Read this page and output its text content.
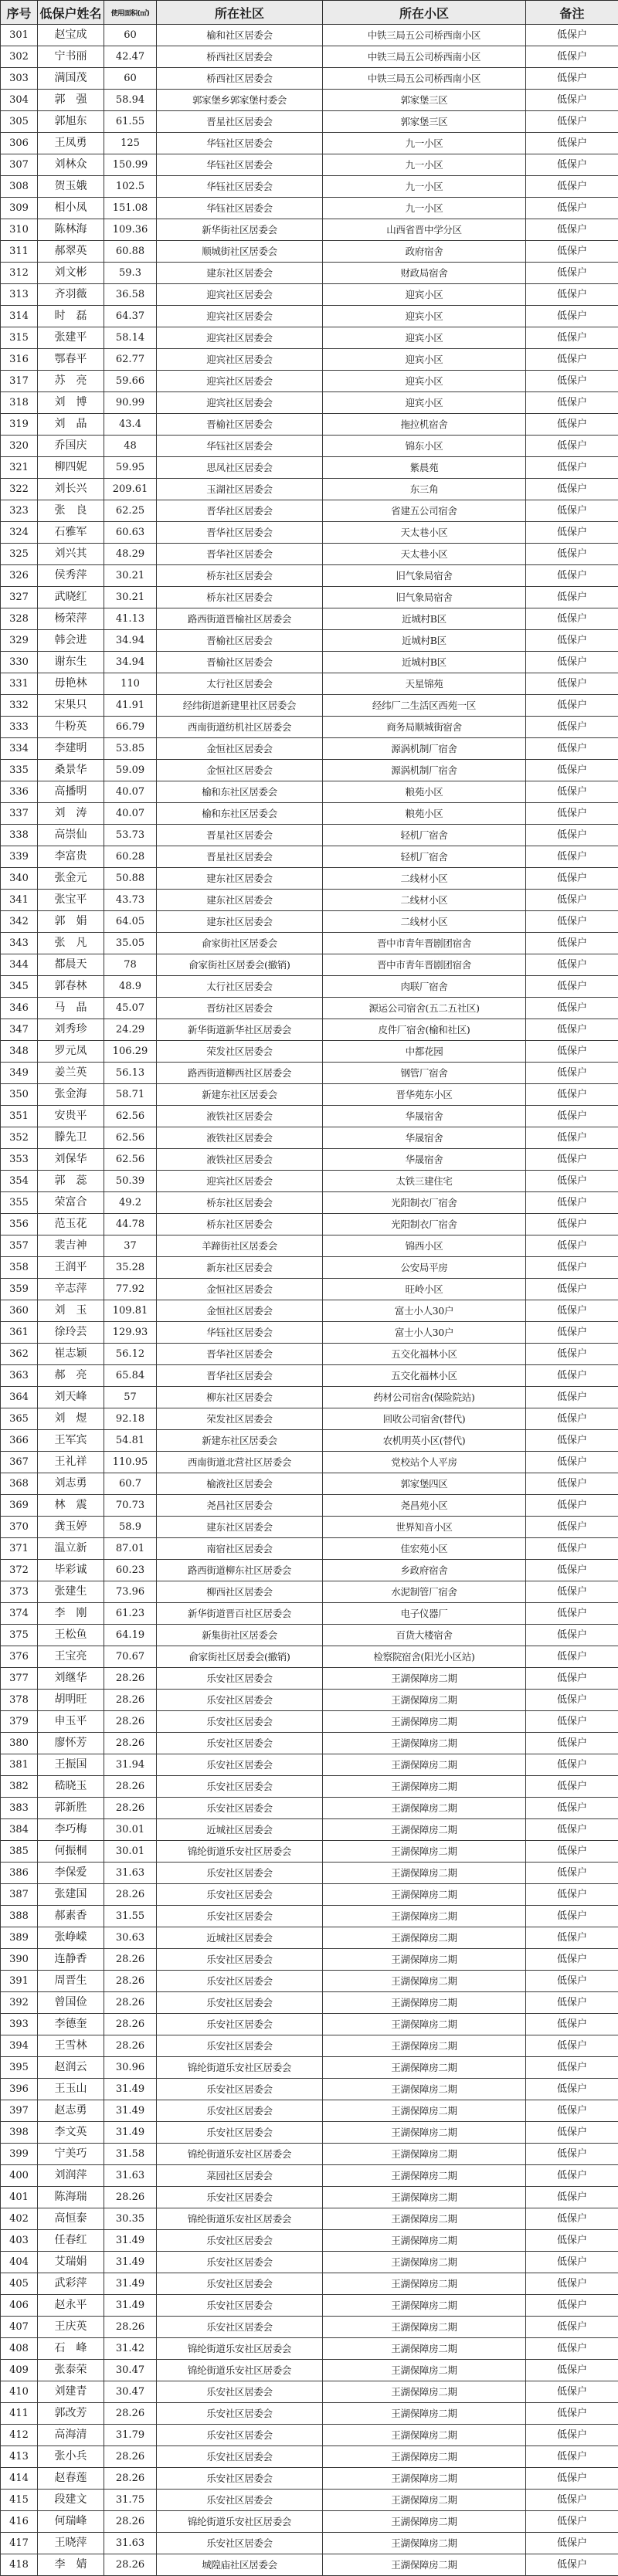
序号	低保户姓名	使用面积(㎡)	所在社区	所在小区	备注
301	赵宝成	60	榆和社区居委会	中铁三局五公司桥西南小区	低保户
302	宁书丽	42.47	桥西社区居委会	中铁三局五公司桥西南小区	低保户
303	满国茂	60	桥西社区居委会	中铁三局五公司桥西南小区	低保户
304	郭　强	58.94	郭家堡乡郭家堡村委会	郭家堡三区	低保户
305	郭旭东	61.55	晋星社区居委会	郭家堡三区	低保户
306	王凤勇	125	华钰社区居委会	九一小区	低保户
307	刘林众	150.99	华钰社区居委会	九一小区	低保户
308	贺玉娥	102.5	华钰社区居委会	九一小区	低保户
309	相小凤	151.08	华钰社区居委会	九一小区	低保户
310	陈林海	109.36	新华街社区居委会	山西省晋中学分区	低保户
311	郝翠英	60.88	顺城街社区居委会	政府宿舍	低保户
312	刘文彬	59.3	建东社区居委会	财政局宿舍	低保户
313	齐羽薇	36.58	迎宾社区居委会	迎宾小区	低保户
314	时　磊	64.37	迎宾社区居委会	迎宾小区	低保户
315	张建平	58.14	迎宾社区居委会	迎宾小区	低保户
316	鄂春平	62.77	迎宾社区居委会	迎宾小区	低保户
317	苏　亮	59.66	迎宾社区居委会	迎宾小区	低保户
318	刘　博	90.99	迎宾社区居委会	迎宾小区	低保户
319	刘　晶	43.4	晋榆社区居委会	拖拉机宿舍	低保户
320	乔国庆	48	华钰社区居委会	锦东小区	低保户
321	柳四妮	59.95	思凤社区居委会	紫晨苑	低保户
322	刘长兴	209.61	玉湖社区居委会	东三角	低保户
323	张　良	62.25	晋华社区居委会	省建五公司宿舍	低保户
324	石雅军	60.63	晋华社区居委会	天太巷小区	低保户
325	刘兴其	48.29	晋华社区居委会	天太巷小区	低保户
326	侯秀萍	30.21	桥东社区居委会	旧气象局宿舍	低保户
327	武晓红	30.21	桥东社区居委会	旧气象局宿舍	低保户
328	杨荣萍	41.13	路西街道晋榆社区居委会	近城村B区	低保户
329	韩会进	34.94	晋榆社区居委会	近城村B区	低保户
330	谢东生	34.94	晋榆社区居委会	近城村B区	低保户
331	毋艳林	110	太行社区居委会	天星锦苑	低保户
332	宋果只	41.91	经纬街道新建里社区居委会	经纬厂二生活区西苑一区	低保户
333	牛粉英	66.79	西南街道纺机社区居委会	商务局顺城街宿舍	低保户
334	李建明	53.85	金恒社区居委会	源涡机制厂宿舍	低保户
335	桑景华	59.09	金恒社区居委会	源涡机制厂宿舍	低保户
336	高播明	40.07	榆和东社区居委会	粮苑小区	低保户
337	刘　涛	40.07	榆和东社区居委会	粮苑小区	低保户
338	高崇仙	53.73	晋星社区居委会	轻机厂宿舍	低保户
339	李富贵	60.28	晋星社区居委会	轻机厂宿舍	低保户
340	张金元	50.88	建东社区居委会	二线材小区	低保户
341	张宝平	43.73	建东社区居委会	二线材小区	低保户
342	郭　娟	64.05	建东社区居委会	二线材小区	低保户
343	张　凡	35.05	俞家街社区居委会	晋中市青年晋剧团宿舍	低保户
344	都晨天	78	俞家街社区居委会(撤销)	晋中市青年晋剧团宿舍	低保户
345	郭春林	48.9	太行社区居委会	肉联厂宿舍	低保户
346	马　晶	45.07	晋纺社区居委会	源运公司宿舍(五二五社区)	低保户
347	刘秀珍	24.29	新华街道新华社区居委会	皮件厂宿舍(榆和社区)	低保户
348	罗元凤	106.29	荣发社区居委会	中都花园	低保户
349	姜兰英	56.13	路西街道柳西社区居委会	钢管厂宿舍	低保户
350	张金海	58.71	新建东社区居委会	晋华苑东小区	低保户
351	安贵平	62.56	液铁社区居委会	华晟宿舍	低保户
352	滕先卫	62.56	液铁社区居委会	华晟宿舍	低保户
353	刘保华	62.56	液铁社区居委会	华晟宿舍	低保户
354	郭　蕊	50.39	迎宾社区居委会	太铁三建住宅	低保户
355	荣富合	49.2	桥东社区居委会	光阳制衣厂宿舍	低保户
356	范玉花	44.78	桥东社区居委会	光阳制衣厂宿舍	低保户
357	裴吉神	37	羊蹄街社区居委会	锦西小区	低保户
358	王润平	35.28	新东社区居委会	公安局平房	低保户
359	辛志萍	77.92	金恒社区居委会	旺岭小区	低保户
360	刘　玉	109.81	金恒社区居委会	富士小人30户	低保户
361	徐玲芸	129.93	华钰社区居委会	富士小人30户	低保户
362	崔志颖	56.12	晋华社区居委会	五交化福林小区	低保户
363	郝　亮	65.84	晋华社区居委会	五交化福林小区	低保户
364	刘天峰	57	柳东社区居委会	药材公司宿舍(保险院站)	低保户
365	刘　煜	92.18	荣发社区居委会	回收公司宿舍(替代)	低保户
366	王军宾	54.81	新建东社区居委会	农机明英小区(替代)	低保户
367	王礼祥	110.95	西南街道北营社区居委会	党校站个人平房	低保户
368	刘志勇	60.7	榆液社区居委会	郭家堡四区	低保户
369	林　震	70.73	尧昌社区居委会	尧昌苑小区	低保户
370	龚玉婷	58.9	建东社区居委会	世界知音小区	低保户
371	温立新	87.01	南宿社区居委会	佳宏苑小区	低保户
372	毕彩诚	60.23	路西街道柳东社区居委会	乡政府宿舍	低保户
373	张建生	73.96	柳西社区居委会	水泥制管厂宿舍	低保户
374	李　刚	61.23	新华街道晋百社区居委会	电子仪器厂	低保户
375	王松鱼	64.19	新集街社区居委会	百货大楼宿舍	低保户
376	王宝亮	70.67	俞家街社区居委会(撤销)	检察院宿舍(阳光小区站)	低保户
377	刘继华	28.26	乐安社区居委会	王湖保障房二期	低保户
378	胡明旺	28.26	乐安社区居委会	王湖保障房二期	低保户
379	申玉平	28.26	乐安社区居委会	王湖保障房二期	低保户
380	廖怀芳	28.26	乐安社区居委会	王湖保障房二期	低保户
381	王振国	31.94	乐安社区居委会	王湖保障房二期	低保户
382	嵇晓玉	28.26	乐安社区居委会	王湖保障房二期	低保户
383	郭新胜	28.26	乐安社区居委会	王湖保障房二期	低保户
384	李巧梅	30.01	近城社区居委会	王湖保障房二期	低保户
385	何振桐	30.01	锦纶街道乐安社区居委会	王湖保障房二期	低保户
386	李保爱	31.63	乐安社区居委会	王湖保障房二期	低保户
387	张建国	28.26	乐安社区居委会	王湖保障房二期	低保户
388	郝素香	31.55	乐安社区居委会	王湖保障房二期	低保户
389	张峥嵘	30.63	近城社区居委会	王湖保障房二期	低保户
390	连静香	28.26	乐安社区居委会	王湖保障房二期	低保户
391	周晋生	28.26	乐安社区居委会	王湖保障房二期	低保户
392	曾国俭	28.26	乐安社区居委会	王湖保障房二期	低保户
393	李德奎	28.26	乐安社区居委会	王湖保障房二期	低保户
394	王雪林	28.26	乐安社区居委会	王湖保障房二期	低保户
395	赵润云	30.96	锦纶街道乐安社区居委会	王湖保障房二期	低保户
396	王玉山	31.49	乐安社区居委会	王湖保障房二期	低保户
397	赵志勇	31.49	乐安社区居委会	王湖保障房二期	低保户
398	李文英	31.49	乐安社区居委会	王湖保障房二期	低保户
399	宁美巧	31.58	锦纶街道乐安社区居委会	王湖保障房二期	低保户
400	刘润萍	31.63	菜园社区居委会	王湖保障房二期	低保户
401	陈海瑞	28.26	乐安社区居委会	王湖保障房二期	低保户
402	高恒泰	30.35	锦纶街道乐安社区居委会	王湖保障房二期	低保户
403	任春红	31.49	乐安社区居委会	王湖保障房二期	低保户
404	艾瑞娟	31.49	乐安社区居委会	王湖保障房二期	低保户
405	武彩萍	31.49	乐安社区居委会	王湖保障房二期	低保户
406	赵永平	31.49	乐安社区居委会	王湖保障房二期	低保户
407	王庆英	28.26	乐安社区居委会	王湖保障房二期	低保户
408	石　峰	31.42	锦纶街道乐安社区居委会	王湖保障房二期	低保户
409	张泰荣	30.47	锦纶街道乐安社区居委会	王湖保障房二期	低保户
410	刘建青	30.47	乐安社区居委会	王湖保障房二期	低保户
411	郭改芳	28.26	乐安社区居委会	王湖保障房二期	低保户
412	高海清	31.79	乐安社区居委会	王湖保障房二期	低保户
413	张小兵	28.26	乐安社区居委会	王湖保障房二期	低保户
414	赵春莲	28.26	乐安社区居委会	王湖保障房二期	低保户
415	段建文	31.75	乐安社区居委会	王湖保障房二期	低保户
416	何瑞峰	28.26	锦纶街道乐安社区居委会	王湖保障房二期	低保户
417	王晓萍	31.63	乐安社区居委会	王湖保障房二期	低保户
418	李　婧	28.26	城隍庙社区居委会	王湖保障房二期	低保户
